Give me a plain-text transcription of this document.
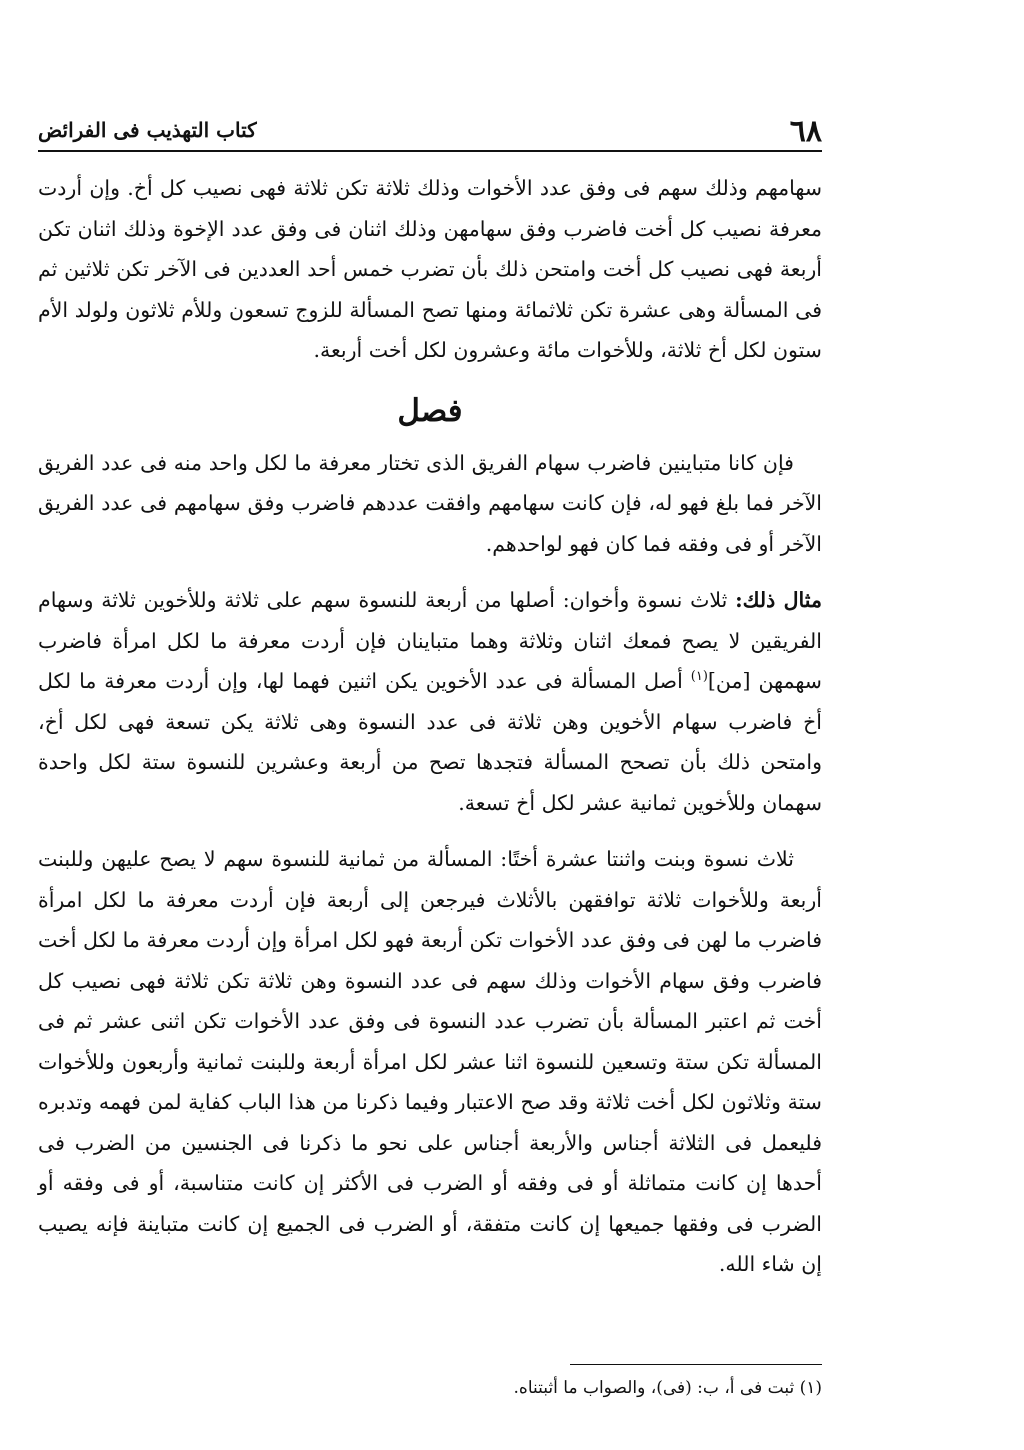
٦٨
كتاب التهذيب فى الفرائض

سهامهم وذلك سهم فى وفق عدد الأخوات وذلك ثلاثة تكن ثلاثة فهى نصيب كل أخ. وإن أردت معرفة نصيب كل أخت فاضرب وفق سهامهن وذلك اثنان فى وفق عدد الإخوة وذلك اثنان تكن أربعة فهى نصيب كل أخت وامتحن ذلك بأن تضرب خمس أحد العددين فى الآخر تكن ثلاثين ثم فى المسألة وهى عشرة تكن ثلاثمائة ومنها تصح المسألة للزوج تسعون وللأم ثلاثون ولولد الأم ستون لكل أخ ثلاثة، وللأخوات مائة وعشرون لكل أخت أربعة.

فصل

فإن كانا متباينين فاضرب سهام الفريق الذى تختار معرفة ما لكل واحد منه فى عدد الفريق الآخر فما بلغ فهو له، فإن كانت سهامهم وافقت عددهم فاضرب وفق سهامهم فى عدد الفريق الآخر أو فى وفقه فما كان فهو لواحدهم.

مثال ذلك: ثلاث نسوة وأخوان: أصلها من أربعة للنسوة سهم على ثلاثة وللأخوين ثلاثة وسهام الفريقين لا يصح فمعك اثنان وثلاثة وهما متباينان فإن أردت معرفة ما لكل امرأة فاضرب سهمهن [من]$^{(١)}$ أصل المسألة فى عدد الأخوين يكن اثنين فهما لها، وإن أردت معرفة ما لكل أخ فاضرب سهام الأخوين وهن ثلاثة فى عدد النسوة وهى ثلاثة يكن تسعة فهى لكل أخ، وامتحن ذلك بأن تصحح المسألة فتجدها تصح من أربعة وعشرين للنسوة ستة لكل واحدة سهمان وللأخوين ثمانية عشر لكل أخ تسعة.

ثلاث نسوة وبنت واثنتا عشرة أختًا: المسألة من ثمانية للنسوة سهم لا يصح عليهن وللبنت أربعة وللأخوات ثلاثة توافقهن بالأثلاث فيرجعن إلى أربعة فإن أردت معرفة ما لكل امرأة فاضرب ما لهن فى وفق عدد الأخوات تكن أربعة فهو لكل امرأة وإن أردت معرفة ما لكل أخت فاضرب وفق سهام الأخوات وذلك سهم فى عدد النسوة وهن ثلاثة تكن ثلاثة فهى نصيب كل أخت ثم اعتبر المسألة بأن تضرب عدد النسوة فى وفق عدد الأخوات تكن اثنى عشر ثم فى المسألة تكن ستة وتسعين للنسوة اثنا عشر لكل امرأة أربعة وللبنت ثمانية وأربعون وللأخوات ستة وثلاثون لكل أخت ثلاثة وقد صح الاعتبار وفيما ذكرنا من هذا الباب كفاية لمن فهمه وتدبره فليعمل فى الثلاثة أجناس والأربعة أجناس على نحو ما ذكرنا فى الجنسين من الضرب فى أحدها إن كانت متماثلة أو فى وفقه أو الضرب فى الأكثر إن كانت متناسبة، أو فى وفقه أو الضرب فى وفقها جميعها إن كانت متفقة، أو الضرب فى الجميع إن كانت متباينة فإنه يصيب إن شاء الله.

(١) ثبت فى أ، ب: (فى)، والصواب ما أثبتناه.
